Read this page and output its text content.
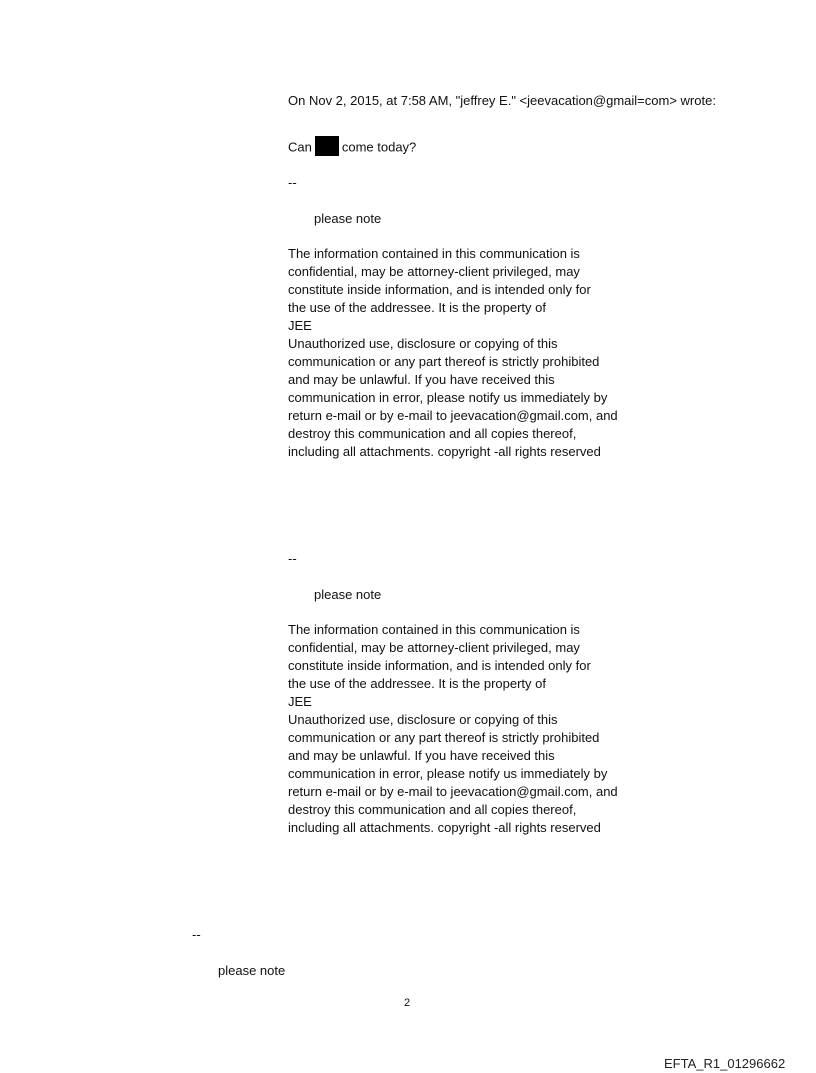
On Nov 2, 2015, at 7:58 AM, "jeffrey E." <jeevacation@gmail=com> wrote:
Can come today?
--
please note
The information contained in this communication is
confidential, may be attorney-client privileged, may
constitute inside information, and is intended only for
the use of the addressee. It is the property of
JEE
Unauthorized use, disclosure or copying of this
communication or any part thereof is strictly prohibited
and may be unlawful. If you have received this
communication in error, please notify us immediately by
return e-mail or by e-mail to jeevacation@gmail.com, and
destroy this communication and all copies thereof,
including all attachments. copyright -all rights reserved
--
please note
The information contained in this communication is
confidential, may be attorney-client privileged, may
constitute inside information, and is intended only for
the use of the addressee. It is the property of
JEE
Unauthorized use, disclosure or copying of this
communication or any part thereof is strictly prohibited
and may be unlawful. If you have received this
communication in error, please notify us immediately by
return e-mail or by e-mail to jeevacation@gmail.com, and
destroy this communication and all copies thereof,
including all attachments. copyright -all rights reserved
--
please note
2
EFTA_R1_01296662
